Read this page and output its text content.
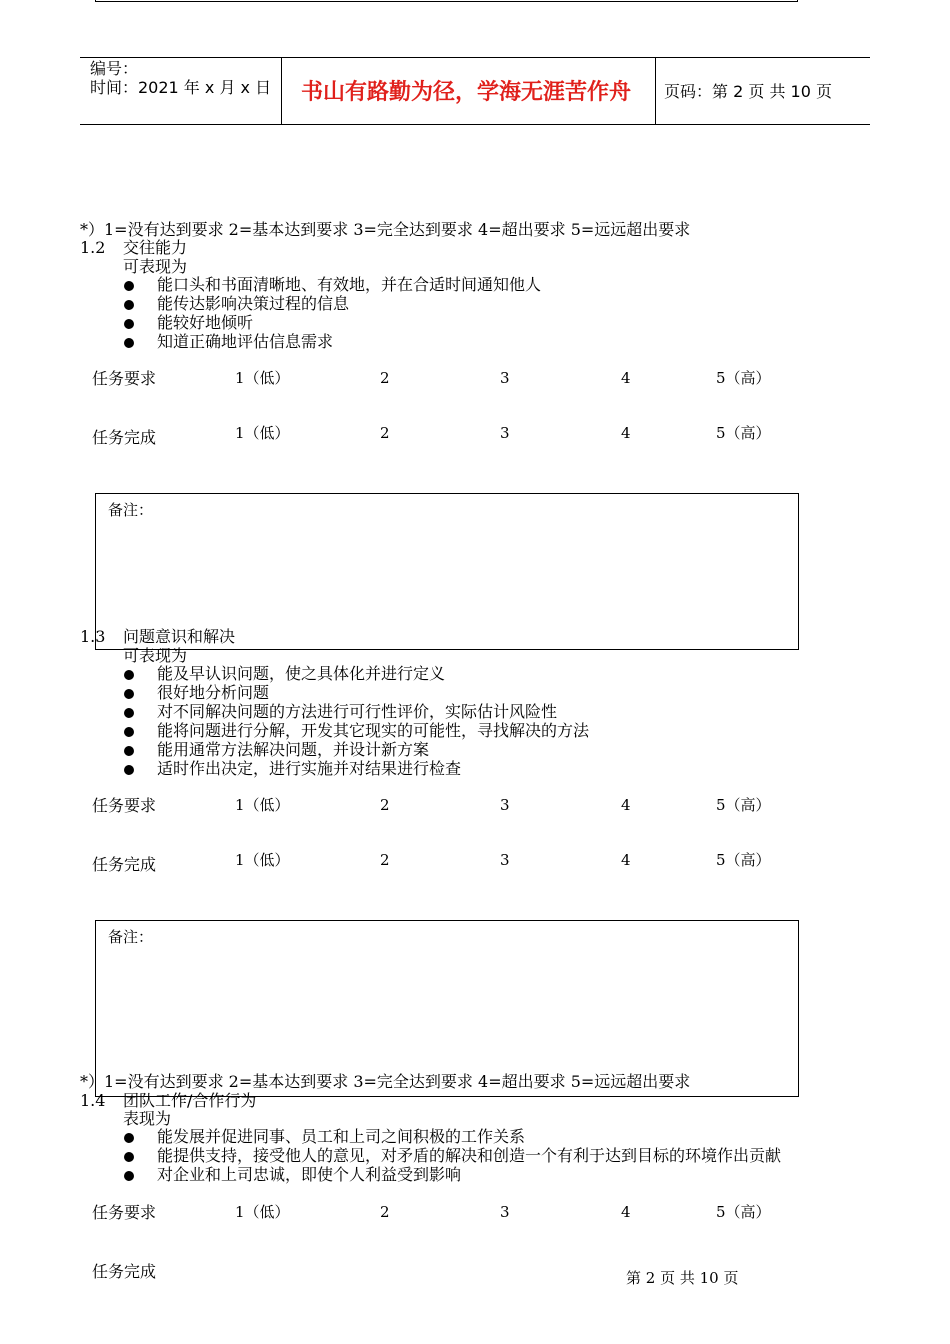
编号：
时间：2021 年 x 月 x 日 书山有路勤为径，学海无涯苦作舟 页码：第 2 页 共 10 页
*）1=没有达到要求 2=基本达到要求 3=完全达到要求 4=超出要求 5=远远超出要求
1.2 交往能力
可表现为
能口头和书面清晰地、有效地，并在合适时间通知他人
能传达影响决策过程的信息
能较好地倾听
知道正确地评估信息需求
任务要求	1（低）	2	3	4	5（高）
任务完成	1（低）	2	3	4	5（高）
备注：
1.3 问题意识和解决
可表现为
能及早认识问题，使之具体化并进行定义
很好地分析问题
对不同解决问题的方法进行可行性评价，实际估计风险性
能将问题进行分解，开发其它现实的可能性，寻找解决的方法
能用通常方法解决问题，并设计新方案
适时作出决定，进行实施并对结果进行检查
任务要求	1（低）	2	3	4	5（高）
任务完成	1（低）	2	3	4	5（高）
备注：
*）1=没有达到要求 2=基本达到要求 3=完全达到要求 4=超出要求 5=远远超出要求
1.4 团队工作/合作行为
表现为
能发展并促进同事、员工和上司之间积极的工作关系
能提供支持，接受他人的意见，对矛盾的解决和创造一个有利于达到目标的环境作出贡献
对企业和上司忠诚，即使个人利益受到影响
任务要求	1（低）	2	3	4	5（高）
任务完成	第 2 页 共 10 页
